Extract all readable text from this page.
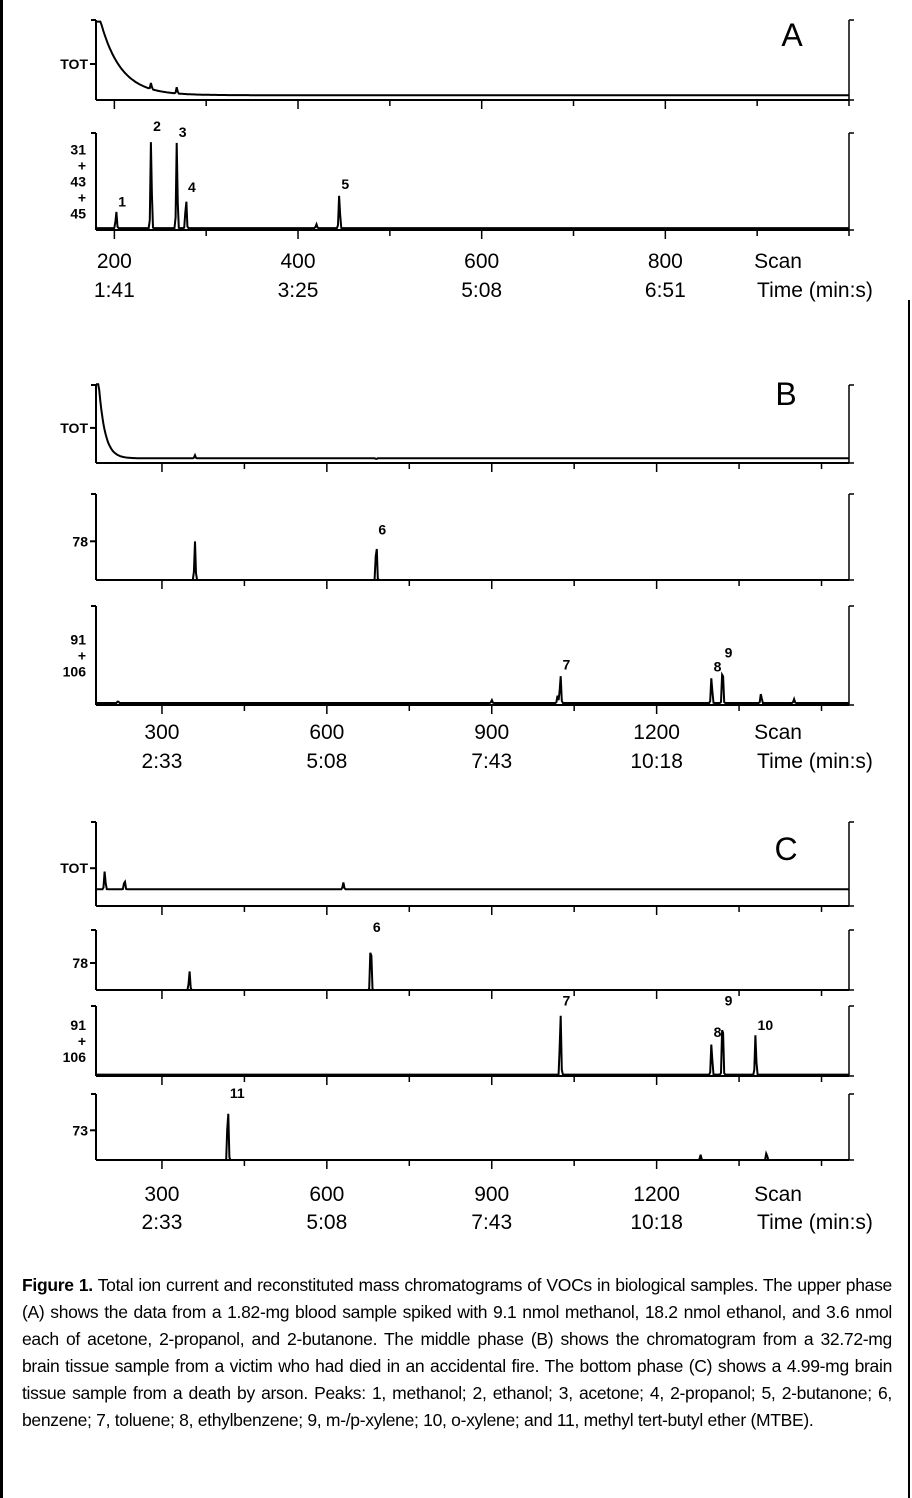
A
TOT
31
+
43
+
45
1
2 3
4	5
200
1:41
400
3:25
600
5:08
800
6:51
Scan
Time (min:s)
B
TOT
78
6
91
+
106	7	8
9
300
2:33
600
5:08
900
7:43
1200
10:18
Scan
Time (min:s)
C
TOT
78
6
91
+
106
7
8
9
10
73
11
300
2:33
600
5:08
900
7:43
1200
10:18
Scan
Time (min:s)
Figure 1. Total ion current and reconstituted mass chromatograms of VOCs in biological samples. The upper phase (A) shows the data from a 1.82-mg blood sample spiked with 9.1 nmol methanol, 18.2 nmol ethanol, and 3.6 nmol each of acetone, 2-propanol, and 2-butanone. The middle phase (B) shows the chromatogram from a 32.72-mg brain tissue sample from a victim who had died in an accidental fire. The bottom phase (C) shows a 4.99-mg brain tissue sample from a death by arson. Peaks: 1, methanol; 2, ethanol; 3, acetone; 4, 2-propanol; 5, 2-butanone; 6, benzene; 7, toluene; 8, ethylbenzene; 9, m-/p-xylene; 10, o-xylene; and 11, methyl tert-butyl ether (MTBE).
